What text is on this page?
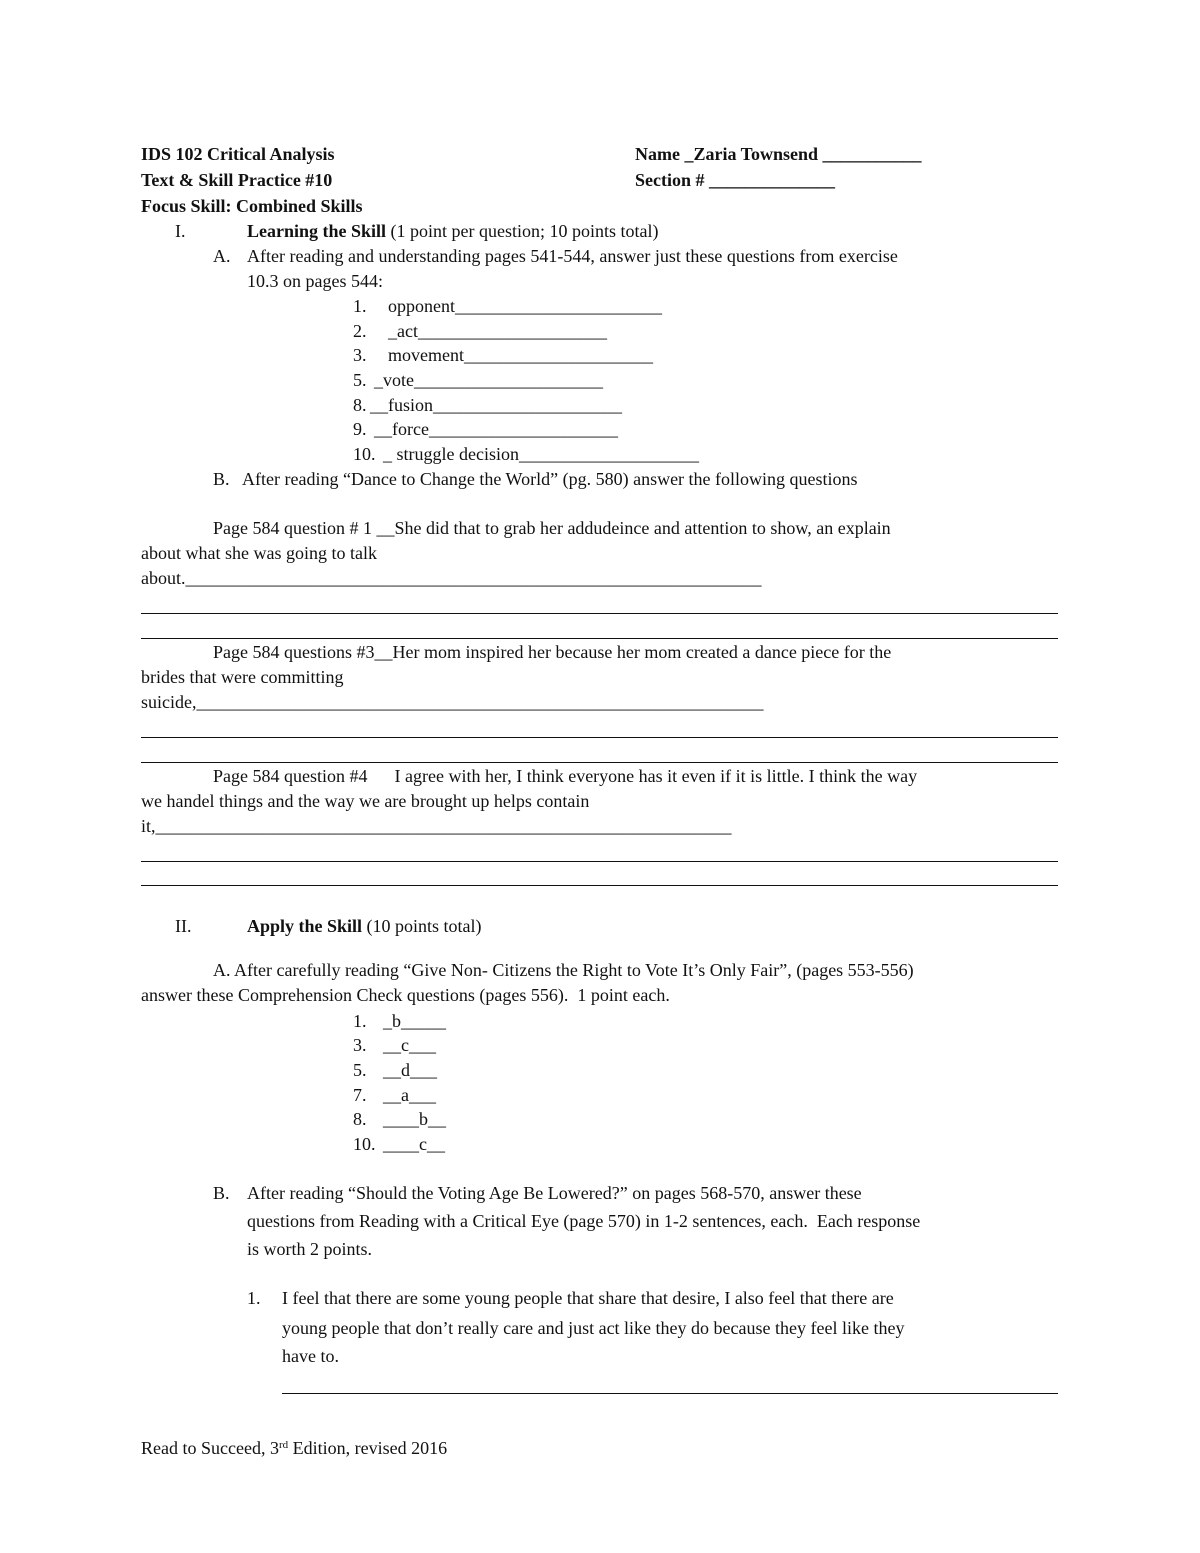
IDS 102 Critical Analysis	Name _Zaria Townsend ___________
Text & Skill Practice #10	Section # ______________
Focus Skill: Combined Skills
I.	Learning the Skill (1 point per question; 10 points total)
A. After reading and understanding pages 541-544, answer just these questions from exercise
10.3 on pages 544:
1. opponent_______________________
2. _act_____________________
3. movement_____________________
5. _vote_____________________
8. __fusion_____________________
9. __force_____________________
10. _ struggle decision____________________
B. After reading “Dance to Change the World” (pg. 580) answer the following questions
Page 584 question # 1 __She did that to grab her addudeince and attention to show, an explain
about what she was going to talk
about.________________________________________________________________
Page 584 questions #3__Her mom inspired her because her mom created a dance piece for the
brides that were committing
suicide,_______________________________________________________________
Page 584 question #4      I agree with her, I think everyone has it even if it is little. I think the way
we handel things and the way we are brought up helps contain
it,________________________________________________________________
II.	Apply the Skill (10 points total)
A. After carefully reading “Give Non- Citizens the Right to Vote It’s Only Fair”, (pages 553-556)
answer these Comprehension Check questions (pages 556).  1 point each.
1. _b_____
3. __c___
5. __d___
7. __a___
8. ____b__
10. ____c__
B. After reading “Should the Voting Age Be Lowered?” on pages 568-570, answer these
questions from Reading with a Critical Eye (page 570) in 1-2 sentences, each.  Each response
is worth 2 points.
1. I feel that there are some young people that share that desire, I also feel that there are
young people that don’t really care and just act like they do because they feel like they
have to.
Read to Succeed, 3rd Edition, revised 2016
